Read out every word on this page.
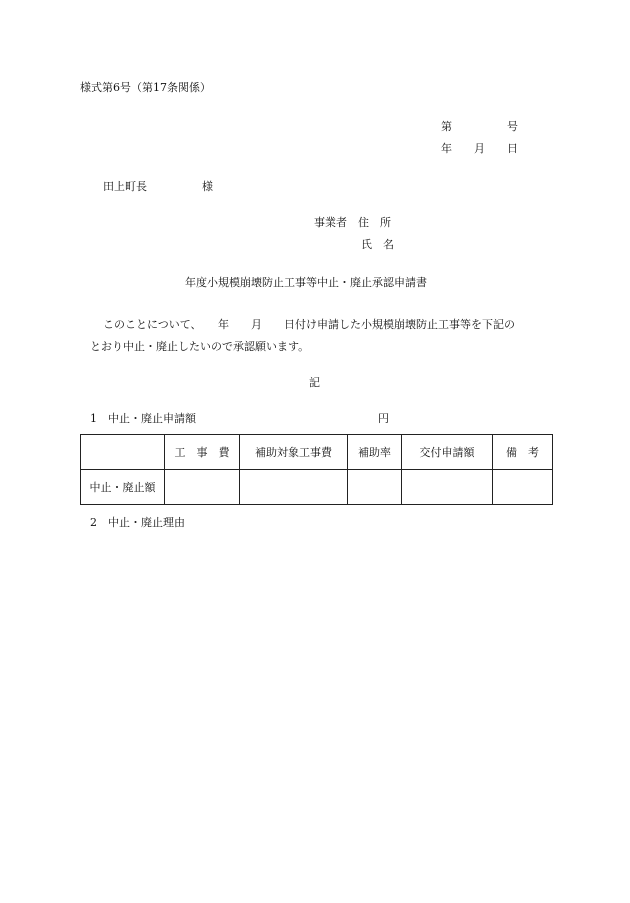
様式第6号（第17条関係）
第　　　　　号
年　　月　　日
田上町長　　　　　様
事業者　住　所
氏　名
年度小規模崩壊防止工事等中止・廃止承認申請書
このことについて、　　年　　月　　日付け申請した小規模崩壊防止工事等を下記の
とおり中止・廃止したいので承認願います。
記
1　中止・廃止申請額	円
	工　事　費	補助対象工事費	補助率	交付申請額	備　考
中止・廃止額					
2　中止・廃止理由
